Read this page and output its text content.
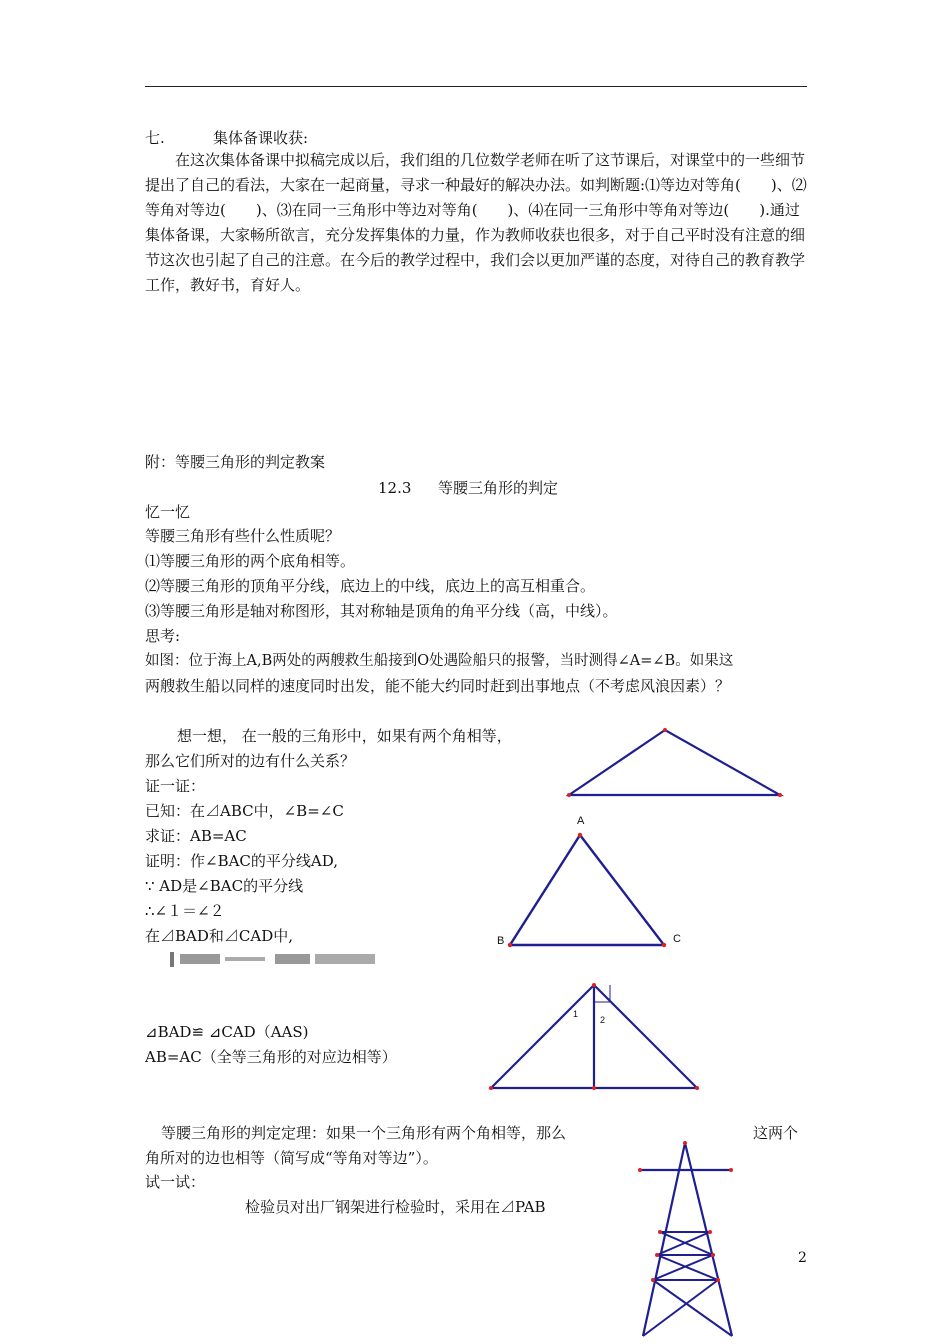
七.	集体备课收获:
在这次集体备课中拟稿完成以后，我们组的几位数学老师在听了这节课后，对课堂中的一些细节提出了自己的看法，大家在一起商量，寻求一种最好的解决办法。如判断题:⑴等边对等角(　　)、⑵等角对等边(　　)、⑶在同一三角形中等边对等角(　　)、⑷在同一三角形中等角对等边(　　).通过集体备课，大家畅所欲言，充分发挥集体的力量，作为教师收获也很多，对于自己平时没有注意的细节这次也引起了自己的注意。在今后的教学过程中，我们会以更加严谨的态度，对待自己的教育教学工作，教好书，育好人。
附：等腰三角形的判定教案
12.3 等腰三角形的判定
忆一忆
等腰三角形有些什么性质呢？
⑴等腰三角形的两个底角相等。
⑵等腰三角形的顶角平分线，底边上的中线，底边上的高互相重合。
⑶等腰三角形是轴对称图形，其对称轴是顶角的角平分线（高，中线）。
思考:
如图：位于海上A,B两处的两艘救生船接到O处遇险船只的报警，当时测得∠A=∠B。如果这
两艘救生船以同样的速度同时出发，能不能大约同时赶到出事地点（不考虑风浪因素）？
想一想， 在一般的三角形中，如果有两个角相等，
那么它们所对的边有什么关系？
证一证：
已知：在⊿ABC中，∠B=∠C
求证：AB=AC
证明：作∠BAC的平分线AD,
∵ AD是∠BAC的平分线
∴∠１＝∠２
在⊿BAD和⊿CAD中,
⊿BAD≌ ⊿CAD（AAS)
AB=AC（全等三角形的对应边相等）
等腰三角形的判定定理：如果一个三角形有两个角相等，那么	这两个
角所对的边也相等（简写成“等角对等边”）。
试一试：
检验员对出厂钢架进行检验时，采用在⊿PAB
2
A
B	C
1
2
